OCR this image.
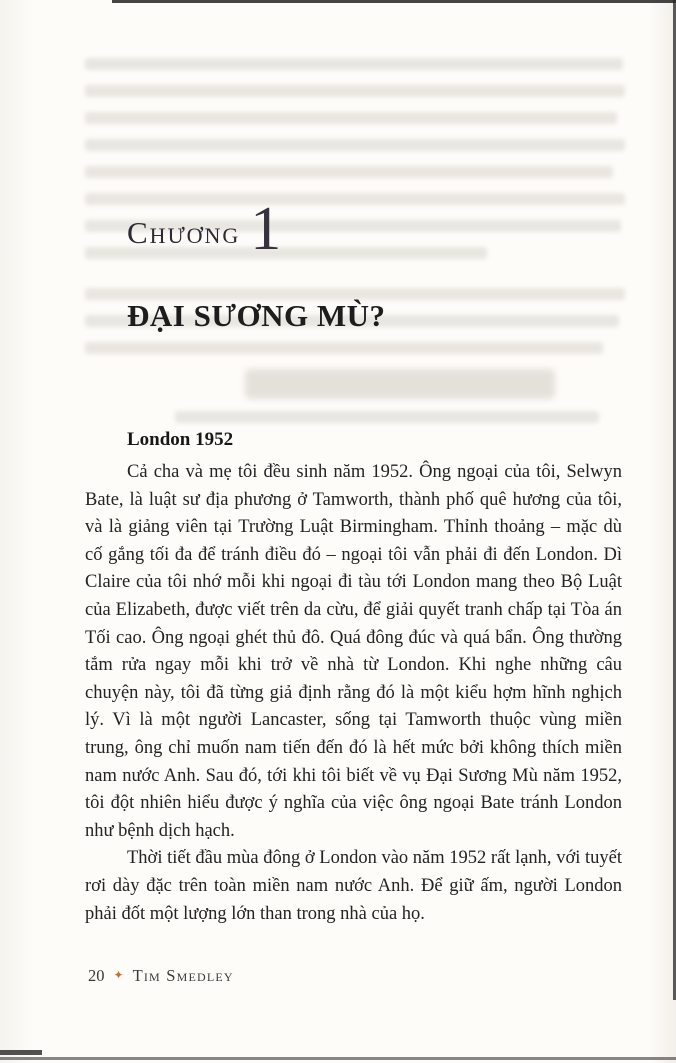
Chương 1
ĐẠI SƯƠNG MÙ?
London 1952

Cả cha và mẹ tôi đều sinh năm 1952. Ông ngoại của tôi, Selwyn Bate, là luật sư địa phương ở Tamworth, thành phố quê hương của tôi, và là giảng viên tại Trường Luật Birmingham. Thỉnh thoảng – mặc dù cố gắng tối đa để tránh điều đó – ngoại tôi vẫn phải đi đến London. Dì Claire của tôi nhớ mỗi khi ngoại đi tàu tới London mang theo Bộ Luật của Elizabeth, được viết trên da cừu, để giải quyết tranh chấp tại Tòa án Tối cao. Ông ngoại ghét thủ đô. Quá đông đúc và quá bẩn. Ông thường tắm rửa ngay mỗi khi trở về nhà từ London. Khi nghe những câu chuyện này, tôi đã từng giả định rằng đó là một kiểu hợm hĩnh nghịch lý. Vì là một người Lancaster, sống tại Tamworth thuộc vùng miền trung, ông chỉ muốn nam tiến đến đó là hết mức bởi không thích miền nam nước Anh. Sau đó, tới khi tôi biết về vụ Đại Sương Mù năm 1952, tôi đột nhiên hiểu được ý nghĩa của việc ông ngoại Bate tránh London như bệnh dịch hạch.

Thời tiết đầu mùa đông ở London vào năm 1952 rất lạnh, với tuyết rơi dày đặc trên toàn miền nam nước Anh. Để giữ ấm, người London phải đốt một lượng lớn than trong nhà của họ.

20 ✦ Tim Smedley
